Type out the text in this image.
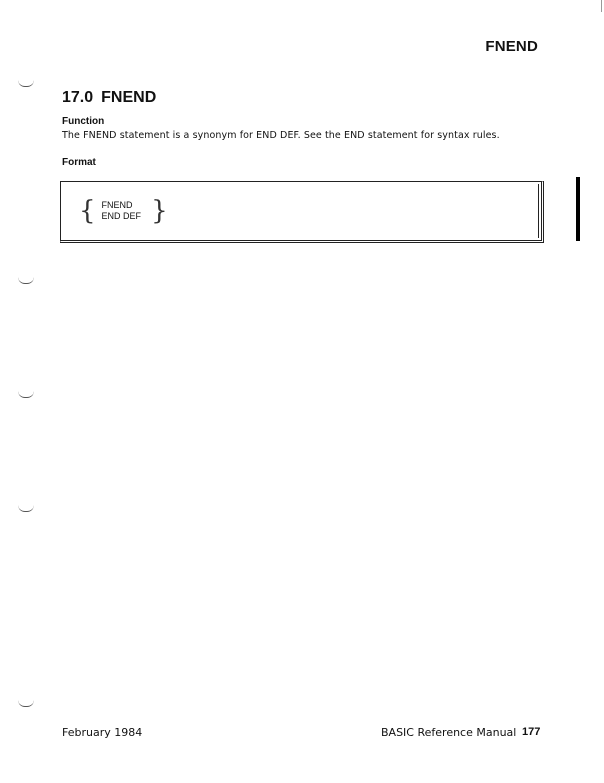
FNEND
17.0 FNEND
Function
The FNEND statement is a synonym for END DEF. See the END statement for syntax rules.
Format
{ FNEND
END DEF }
February 1984	BASIC Reference Manual 177
